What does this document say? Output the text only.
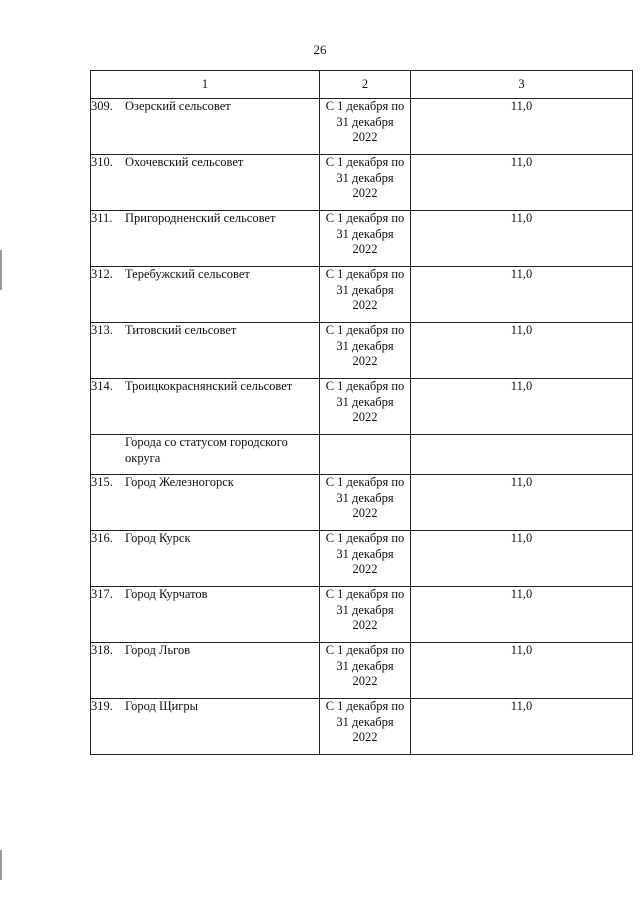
26
1	2	3
309. Озерский сельсовет	С 1 декабря по
31 декабря
2022	11,0
310. Охочевский сельсовет	С 1 декабря по
31 декабря
2022	11,0
311. Пригородненский сельсовет	С 1 декабря по
31 декабря
2022	11,0
312. Теребужский сельсовет	С 1 декабря по
31 декабря
2022	11,0
313. Титовский сельсовет	С 1 декабря по
31 декабря
2022	11,0
314. Троицкокраснянский сельсовет	С 1 декабря по
31 декабря
2022	11,0

Города со статусом городского
округа		

315. Город Железногорск	С 1 декабря по
31 декабря
2022	11,0
316. Город Курск	С 1 декабря по
31 декабря
2022	11,0
317. Город Курчатов	С 1 декабря по
31 декабря
2022	11,0
318. Город Льгов	С 1 декабря по
31 декабря
2022	11,0
319. Город Щигры	С 1 декабря по
31 декабря
2022	11,0
